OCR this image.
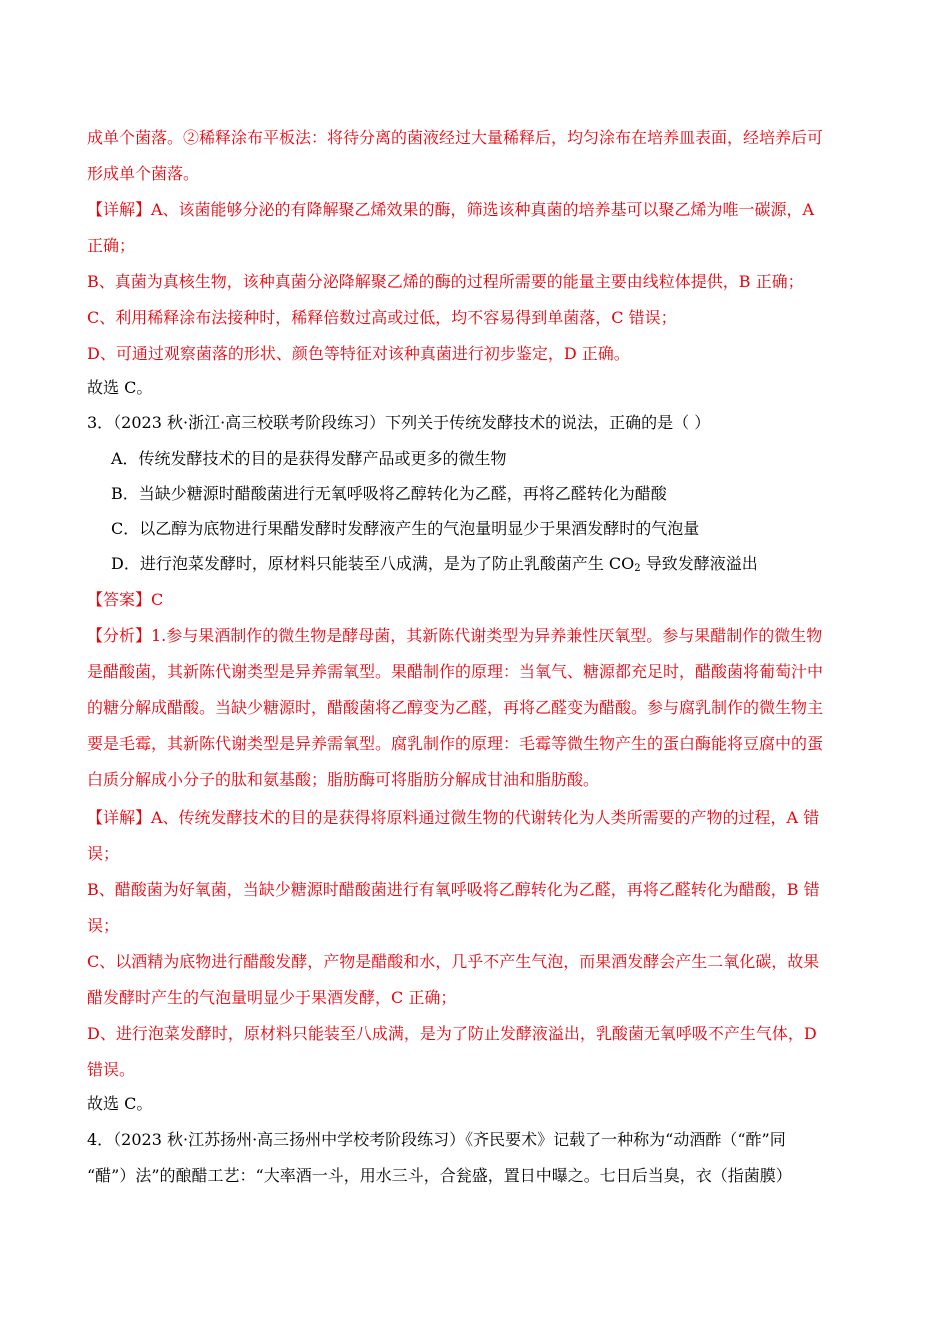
成单个菌落。②稀释涂布平板法：将待分离的菌液经过大量稀释后，均匀涂布在培养皿表面，经培养后可
形成单个菌落。
【详解】A、该菌能够分泌的有降解聚乙烯效果的酶，筛选该种真菌的培养基可以聚乙烯为唯一碳源，A
正确；
B、真菌为真核生物，该种真菌分泌降解聚乙烯的酶的过程所需要的能量主要由线粒体提供，B 正确；
C、利用稀释涂布法接种时，稀释倍数过高或过低，均不容易得到单菌落，C 错误；
D、可通过观察菌落的形状、颜色等特征对该种真菌进行初步鉴定，D 正确。
故选 C。
3．（2023 秋·浙江·高三校联考阶段练习）下列关于传统发酵技术的说法，正确的是（ ）
A．传统发酵技术的目的是获得发酵产品或更多的微生物
B．当缺少糖源时醋酸菌进行无氧呼吸将乙醇转化为乙醛，再将乙醛转化为醋酸
C．以乙醇为底物进行果醋发酵时发酵液产生的气泡量明显少于果酒发酵时的气泡量
D．进行泡菜发酵时，原材料只能装至八成满，是为了防止乳酸菌产生 $CO_2$ 导致发酵液溢出
【答案】C
【分析】1.参与果酒制作的微生物是酵母菌，其新陈代谢类型为异养兼性厌氧型。参与果醋制作的微生物
是醋酸菌，其新陈代谢类型是异养需氧型。果醋制作的原理：当氧气、糖源都充足时，醋酸菌将葡萄汁中
的糖分解成醋酸。当缺少糖源时，醋酸菌将乙醇变为乙醛，再将乙醛变为醋酸。参与腐乳制作的微生物主
要是毛霉，其新陈代谢类型是异养需氧型。腐乳制作的原理：毛霉等微生物产生的蛋白酶能将豆腐中的蛋
白质分解成小分子的肽和氨基酸；脂肪酶可将脂肪分解成甘油和脂肪酸。
【详解】A、传统发酵技术的目的是获得将原料通过微生物的代谢转化为人类所需要的产物的过程，A 错
误；
B、醋酸菌为好氧菌，当缺少糖源时醋酸菌进行有氧呼吸将乙醇转化为乙醛，再将乙醛转化为醋酸，B 错
误；
C、以酒精为底物进行醋酸发酵，产物是醋酸和水，几乎不产生气泡，而果酒发酵会产生二氧化碳，故果
醋发酵时产生的气泡量明显少于果酒发酵，C 正确；
D、进行泡菜发酵时，原材料只能装至八成满，是为了防止发酵液溢出，乳酸菌无氧呼吸不产生气体，D
错误。
故选 C。
4．（2023 秋·江苏扬州·高三扬州中学校考阶段练习）《齐民要术》记载了一种称为“动酒酢（“酢”同
“醋”）法”的酿醋工艺：“大率酒一斗，用水三斗，合瓮盛，置日中曝之。七日后当臭，衣（指菌膜）
